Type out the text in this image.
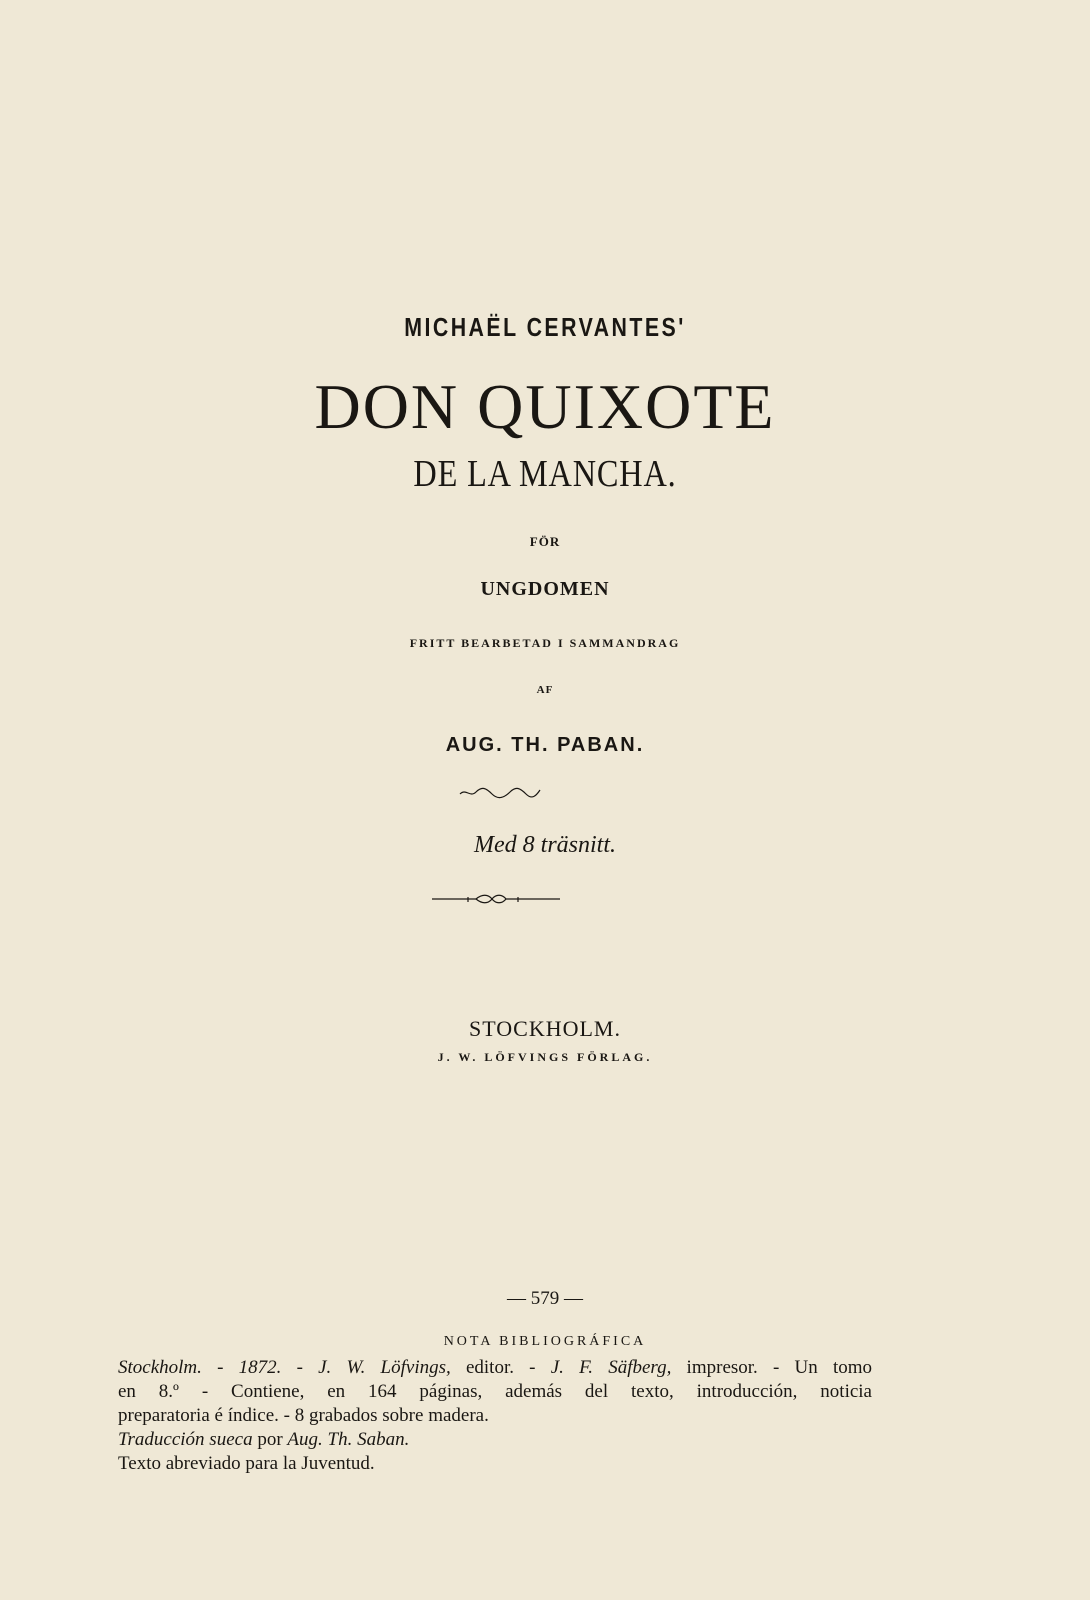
MICHAËL CERVANTES'
DON QUIXOTE
DE LA MANCHA.
FÖR
UNGDOMEN
FRITT BEARBETAD I SAMMANDRAG
AF
AUG. TH. PABAN.
Med 8 träsnitt.
STOCKHOLM.
J. W. LÖFVINGS FÖRLAG.
— 579 —
NOTA BIBLIOGRÁFICA
Stockholm. - 1872. - J. W. Löfvings, editor. - J. F. Säfberg, impresor. - Un tomo
en 8.º - Contiene, en 164 páginas, además del texto, introducción, noticia
preparatoria é índice. - 8 grabados sobre madera.
Traducción sueca por Aug. Th. Saban.
Texto abreviado para la Juventud.
